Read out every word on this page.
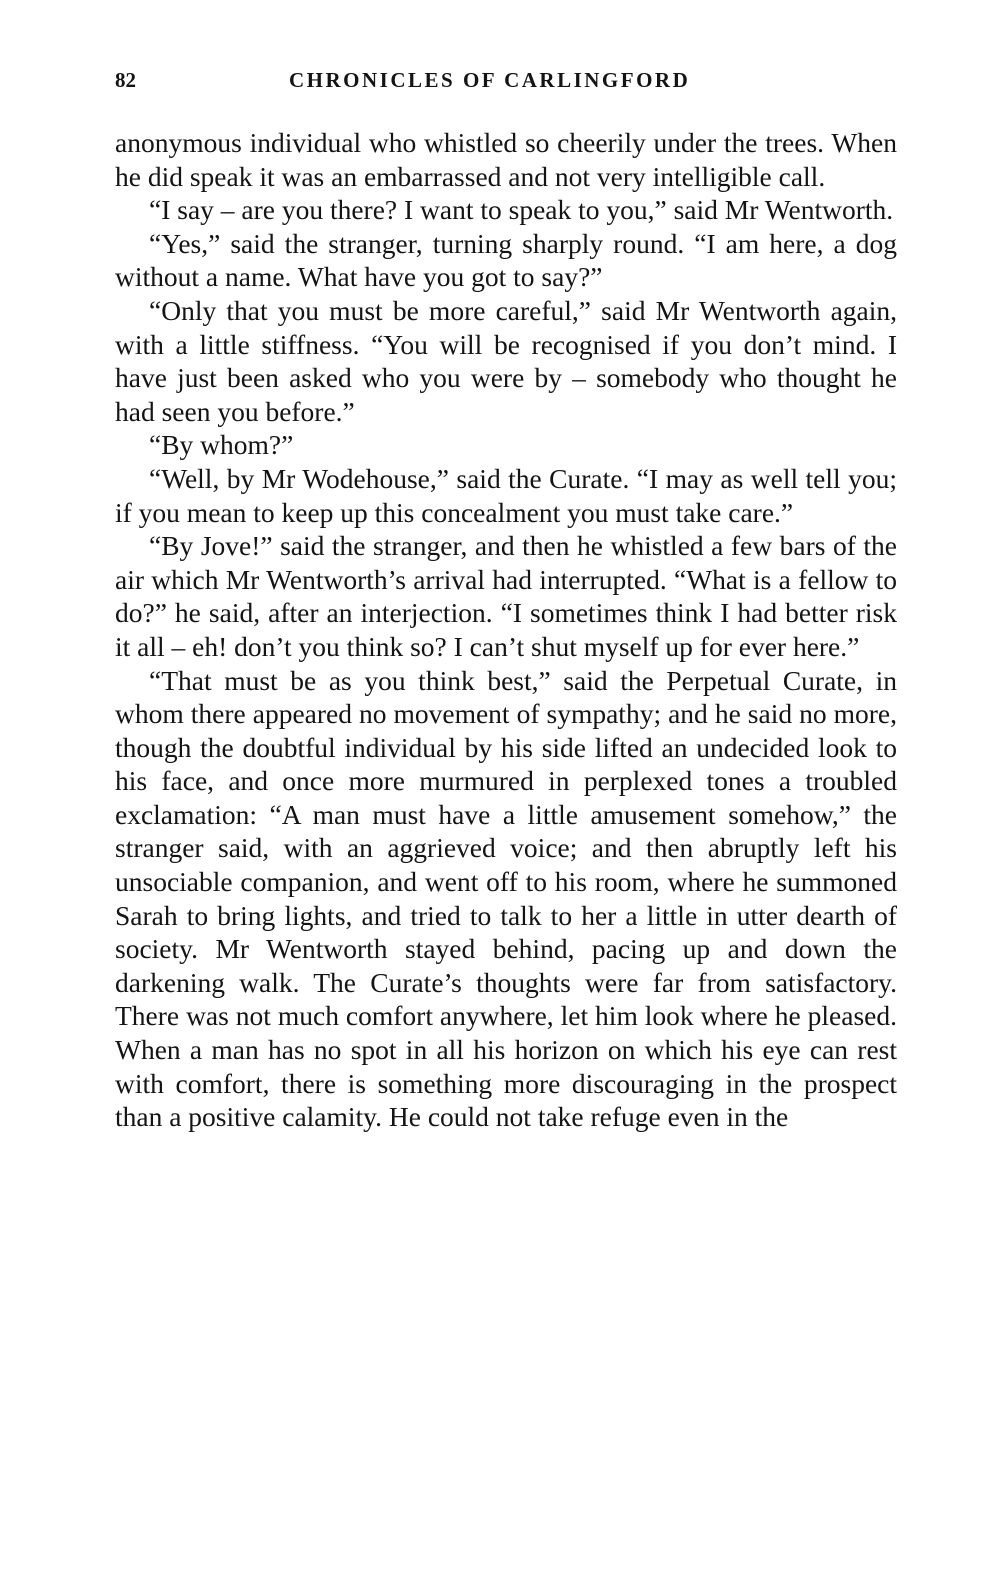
82	CHRONICLES OF CARLINGFORD

anonymous individual who whistled so cheerily under the trees. When he did speak it was an embarrassed and not very intelligible call.

“I say – are you there? I want to speak to you,” said Mr Wentworth.

“Yes,” said the stranger, turning sharply round. “I am here, a dog without a name. What have you got to say?”

“Only that you must be more careful,” said Mr Wentworth again, with a little stiffness. “You will be recognised if you don’t mind. I have just been asked who you were by – somebody who thought he had seen you before.”

“By whom?”

“Well, by Mr Wodehouse,” said the Curate. “I may as well tell you; if you mean to keep up this concealment you must take care.”

“By Jove!” said the stranger, and then he whistled a few bars of the air which Mr Wentworth’s arrival had interrupted. “What is a fellow to do?” he said, after an interjection. “I sometimes think I had better risk it all – eh! don’t you think so? I can’t shut myself up for ever here.”

“That must be as you think best,” said the Perpetual Curate, in whom there appeared no movement of sympathy; and he said no more, though the doubtful individual by his side lifted an undecided look to his face, and once more murmured in perplexed tones a troubled exclamation: “A man must have a little amusement somehow,” the stranger said, with an aggrieved voice; and then abruptly left his unsociable companion, and went off to his room, where he summoned Sarah to bring lights, and tried to talk to her a little in utter dearth of society. Mr Wentworth stayed behind, pacing up and down the darkening walk. The Curate’s thoughts were far from satisfactory. There was not much comfort anywhere, let him look where he pleased. When a man has no spot in all his horizon on which his eye can rest with comfort, there is something more discouraging in the prospect than a positive calamity. He could not take refuge even in the
